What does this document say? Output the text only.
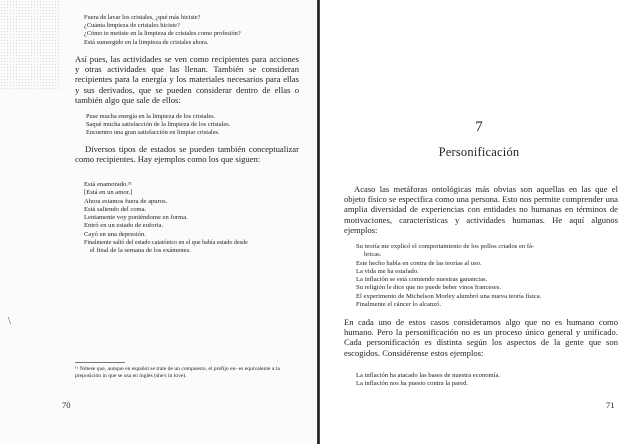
Fuera de lavar los cristales, ¿qué más hiciste?

¿Cuánta limpieza de cristales hiciste?

¿Cómo te metiste en la limpieza de cristales como profesión?

Está sumergido en la limpieza de cristales ahora.

Así pues, las actividades se ven como recipientes para acciones y otras actividades que las llenan. También se consideran recipientes para la energía y los materiales necesarios para ellas y sus derivados, que se pueden considerar dentro de ellas o también algo que sale de ellos:

Puse mucha energía en la limpieza de los cristales.

Saqué mucha satisfacción de la limpieza de los cristales.

Encuentro una gran satisfacción en limpiar cristales.

Diversos tipos de estados se pueden también conceptualizar como recipientes. Hay ejemplos como los que siguen:

Está enamorado.¹¹

[Está en un amor.]

Ahora estamos fuera de apuros.

Está saliendo del coma.

Lentamente voy poniéndome en forma.

Entró en un estado de euforia.

Cayó en una depresión.

Finalmente salió del estado catatónico en el que había estado desde

el final de la semana de los exámenes.

¹¹ Nótese que, aunque en español se trate de un compuesto, el prefijo en- es equivalente a la preposición in que se usa en inglés (she's in love).

70
\
7
Personificación

Acaso las metáforas ontológicas más obvias son aquellas en las que el objeto físico se especifica como una persona. Esto nos permite comprender una amplia diversidad de experiencias con entidades no humanas en términos de motivaciones, características y actividades humanas. He aquí algunos ejemplos:

Su teoría me explicó el comportamiento de los pollos criados en fá-

bricas.

Este hecho habla en contra de las teorías al uso.

La vida me ha estafado.

La inflación se está comiendo nuestras ganancias.

Su religión le dice que no puede beber vinos franceses.

El experimento de Michelson Morley alumbró una nueva teoría física.

Finalmente el cáncer lo alcanzó.

En cada uno de estos casos consideramos algo que no es humano como humano. Pero la personificación no es un proceso único general y unificado. Cada personificación es distinta según los aspectos de la gente que son escogidos. Considérense estos ejemplos:

La inflación ha atacado las bases de nuestra economía.

La inflación nos ha puesto contra la pared.

71
